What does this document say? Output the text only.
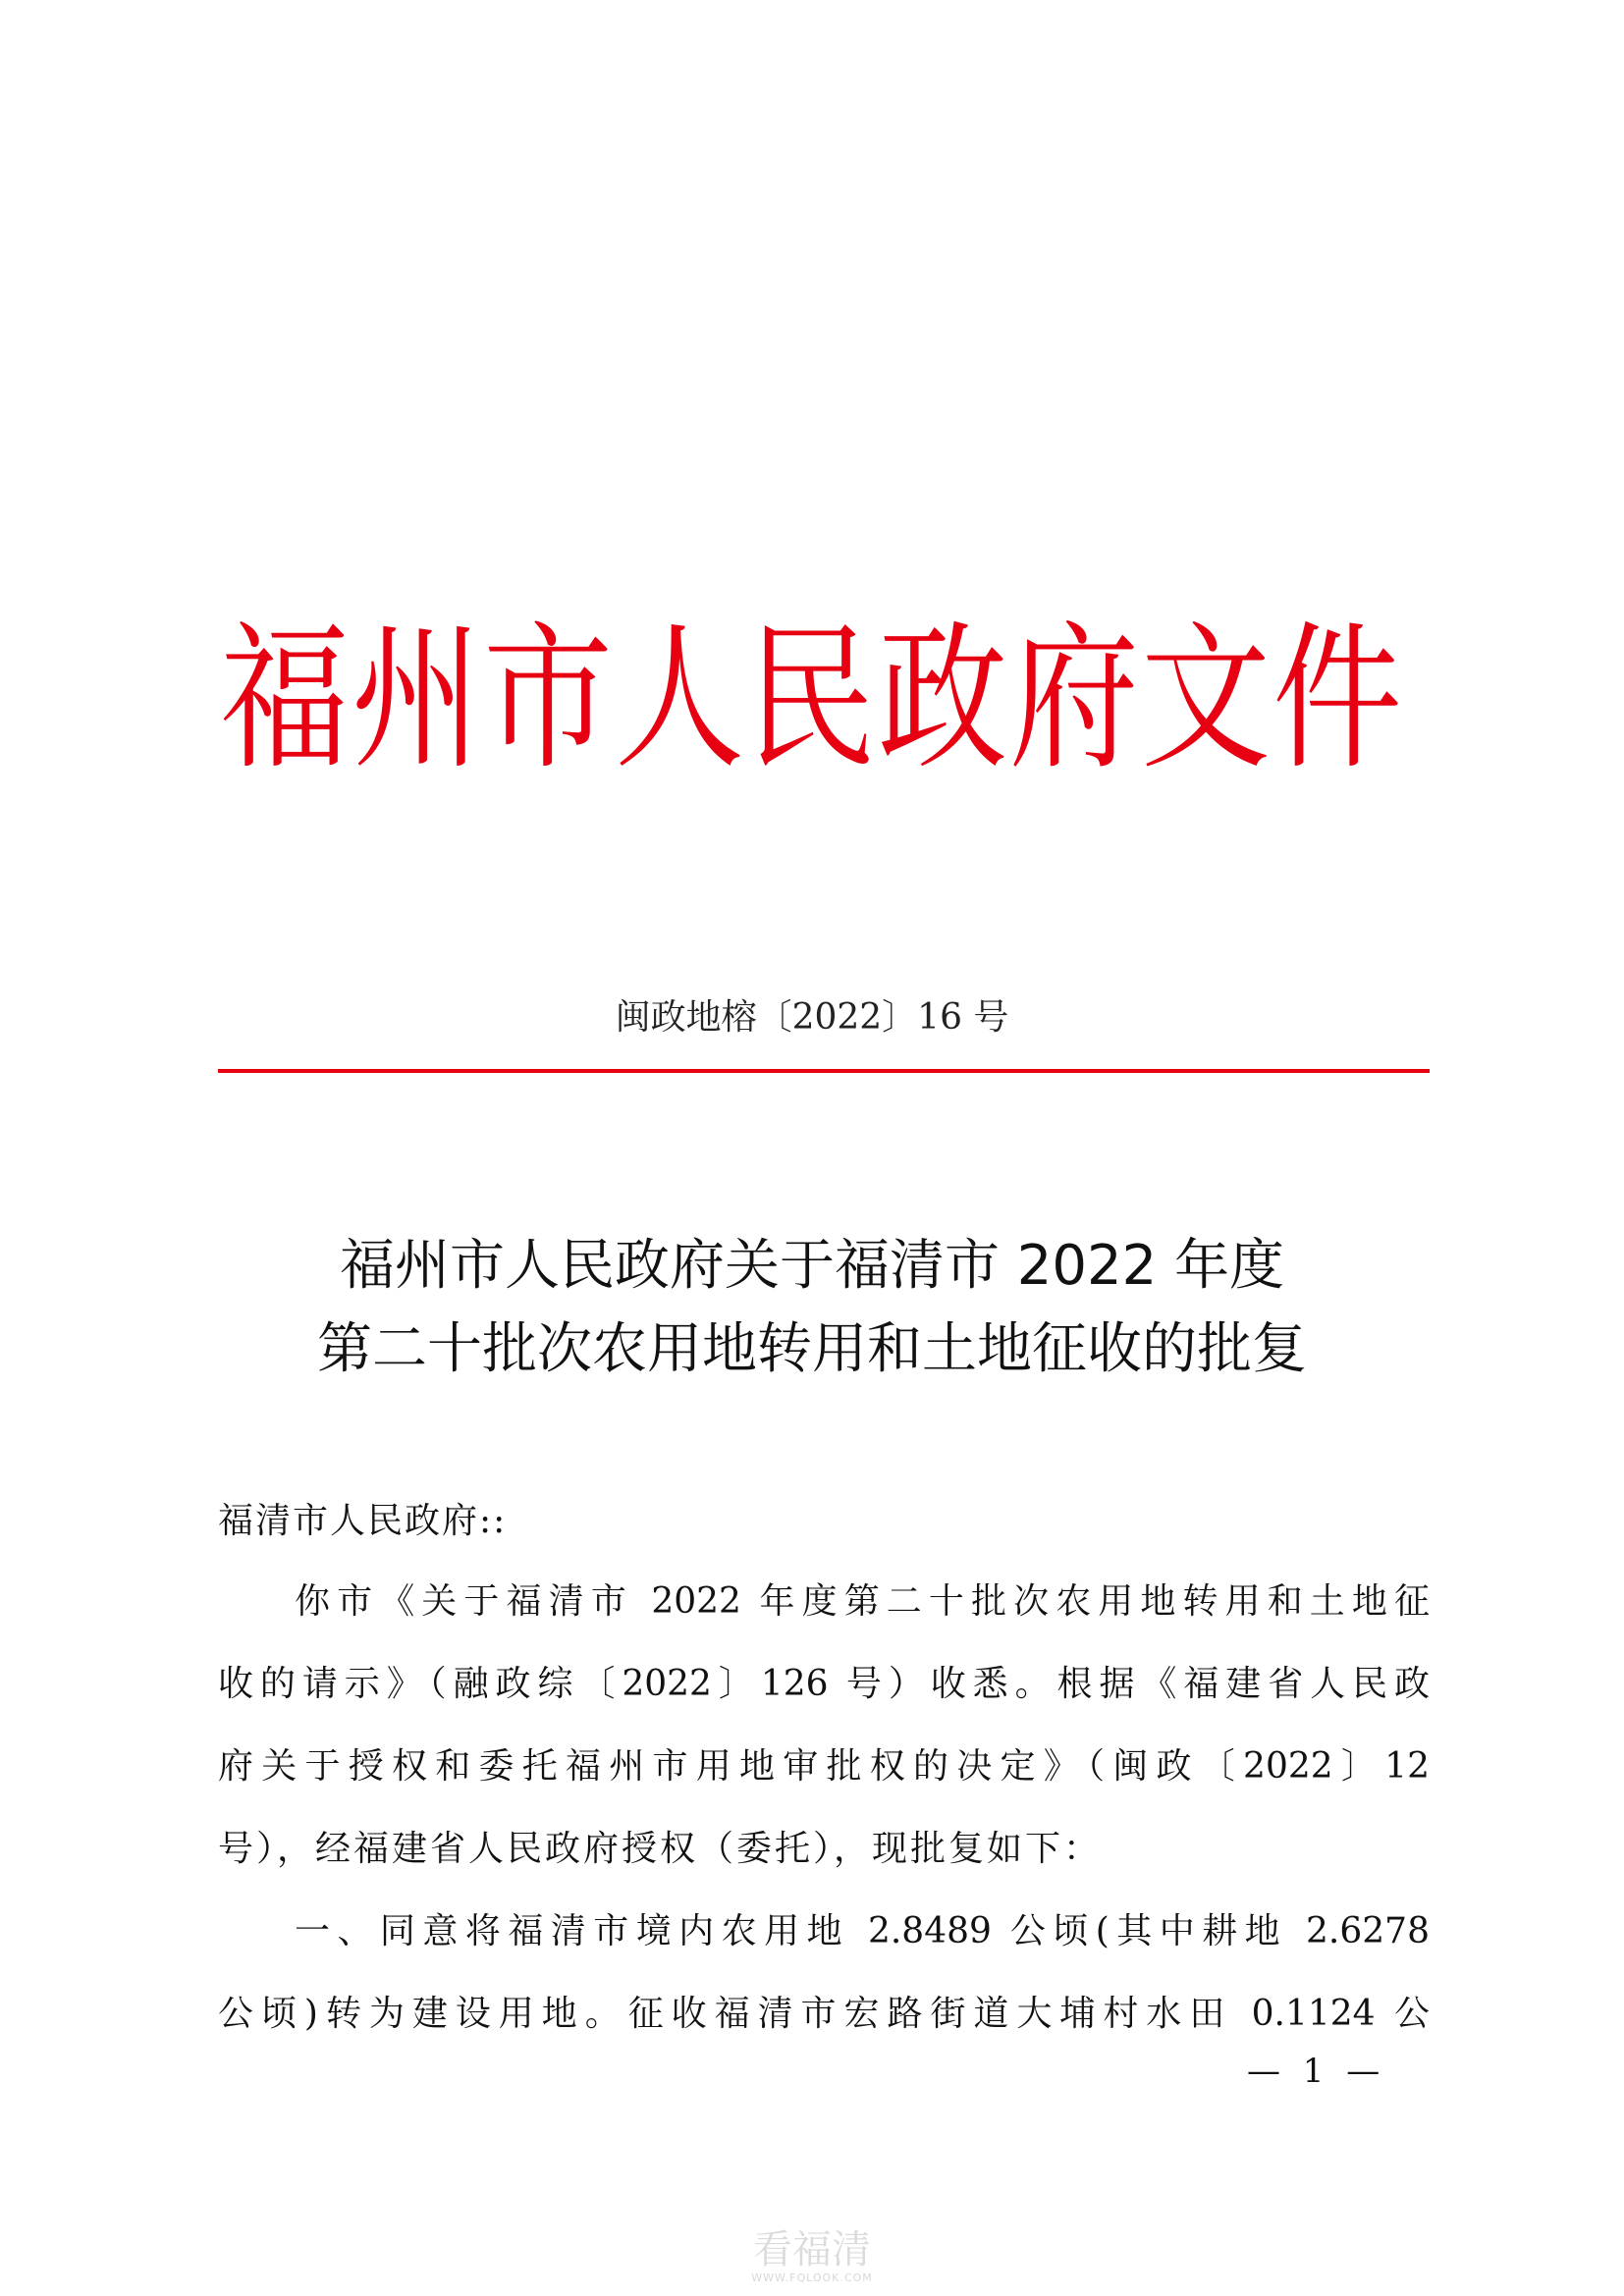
福州市人民政府文件
闽政地榕〔2022〕16 号
福州市人民政府关于福清市 2022 年度
第二十批次农用地转用和土地征收的批复
福清市人民政府::
你市《关于福清市 2022 年度第二十批次农用地转用和土地征
收的请示》（融政综〔2022〕126 号）收悉。根据《福建省人民政
府关于授权和委托福州市用地审批权的决定》（闽政〔2022〕12
号），经福建省人民政府授权（委托），现批复如下：
一、同意将福清市境内农用地 2.8489 公顷(其中耕地 2.6278
公顷)转为建设用地。征收福清市宏路街道大埔村水田 0.1124 公
— 1 —
看福清
WWW.FQLOOK.COM
